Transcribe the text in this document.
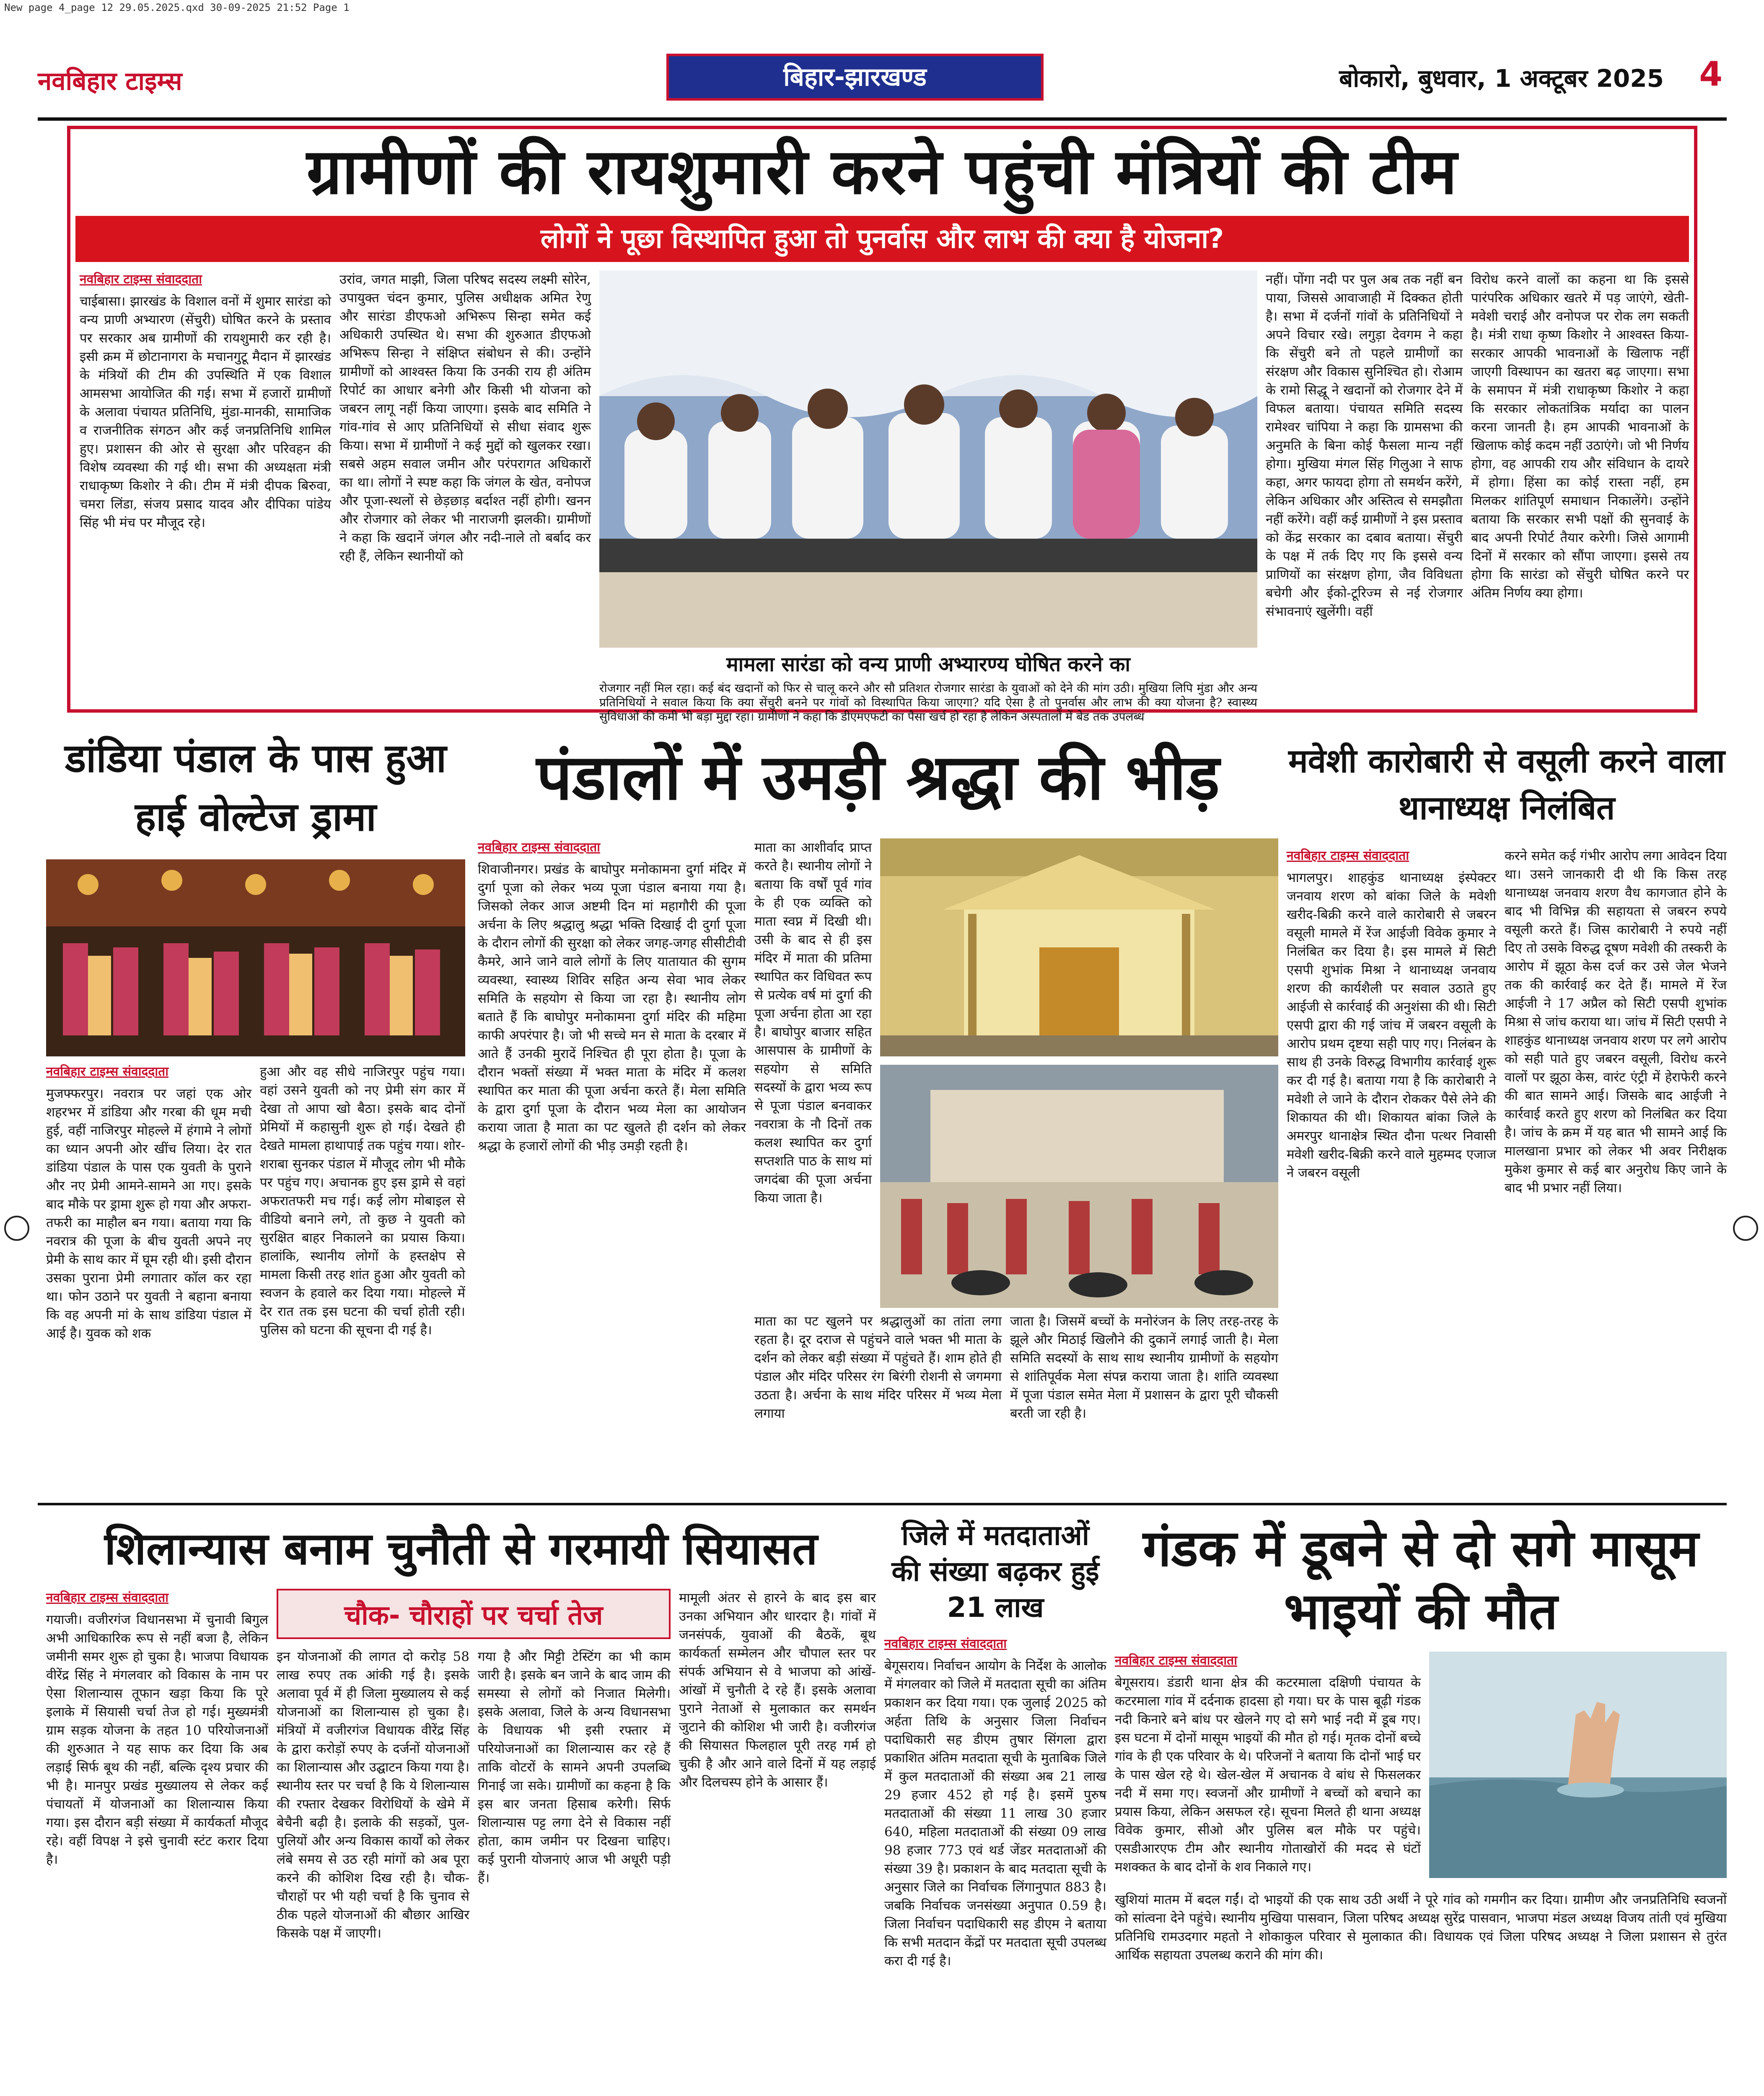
New page 4_page 12 29.05.2025.qxd 30-09-2025 21:52 Page 1
नवबिहार टाइम्स	बिहार-झारखण्ड	बोकारो, बुधवार, 1 अक्टूबर 2025	4
ग्रामीणों की रायशुमारी करने पहुंची मंत्रियों की टीम
लोगों ने पूछा विस्थापित हुआ तो पुनर्वास और लाभ की क्या है योजना?
नवबिहार टाइम्स संवाददाता

चाईबासा। झारखंड के विशाल वनों में शुमार सारंडा को वन्य प्राणी अभ्यारण (सेंचुरी) घोषित करने के प्रस्ताव पर सरकार अब ग्रामीणों की रायशुमारी कर रही है। इसी क्रम में छोटानागरा के मचानगुटू मैदान में झारखंड के मंत्रियों की टीम की उपस्थिति में एक विशाल आमसभा आयोजित की गई। सभा में हजारों ग्रामीणों के अलावा पंचायत प्रतिनिधि, मुंडा-मानकी, सामाजिक व राजनीतिक संगठन और कई जनप्रतिनिधि शामिल हुए। प्रशासन की ओर से सुरक्षा और परिवहन की विशेष व्यवस्था की गई थी। सभा की अध्यक्षता मंत्री राधाकृष्ण किशोर ने की। टीम में मंत्री दीपक बिरुवा, चमरा लिंडा, संजय प्रसाद यादव और दीपिका पांडेय सिंह भी मंच पर मौजूद रहे।

उरांव, जगत माझी, जिला परिषद सदस्य लक्ष्मी सोरेन, उपायुक्त चंदन कुमार, पुलिस अधीक्षक अमित रेणु और सारंडा डीएफओ अभिरूप सिन्हा समेत कई अधिकारी उपस्थित थे। सभा की शुरुआत डीएफओ अभिरूप सिन्हा ने संक्षिप्त संबोधन से की। उन्होंने ग्रामीणों को आश्वस्त किया कि उनकी राय ही अंतिम रिपोर्ट का आधार बनेगी और किसी भी योजना को जबरन लागू नहीं किया जाएगा। इसके बाद समिति ने गांव-गांव से आए प्रतिनिधियों से सीधा संवाद शुरू किया। सभा में ग्रामीणों ने कई मुद्दों को खुलकर रखा। सबसे अहम सवाल जमीन और परंपरागत अधिकारों का था। लोगों ने स्पष्ट कहा कि जंगल के खेत, वनोपज और पूजा-स्थलों से छेड़छाड़ बर्दाश्त नहीं होगी। खनन और रोजगार को लेकर भी नाराजगी झलकी। ग्रामीणों ने कहा कि खदानें जंगल और नदी-नाले तो बर्बाद कर रही हैं, लेकिन स्थानीयों को

मामला सारंडा को वन्य प्राणी अभ्यारण्य घोषित करने का

रोजगार नहीं मिल रहा। कई बंद खदानों को फिर से चालू करने और सौ प्रतिशत रोजगार सारंडा के युवाओं को देने की मांग उठी। मुखिया लिपि मुंडा और अन्य प्रतिनिधियों ने सवाल किया कि क्या सेंचुरी बनने पर गांवों को विस्थापित किया जाएगा? यदि ऐसा है तो पुनर्वास और लाभ की क्या योजना है? स्वास्थ्य सुविधाओं की कमी भी बड़ा मुद्दा रहा। ग्रामीणों ने कहा कि डीएमएफटी का पैसा खर्च हो रहा है लेकिन अस्पतालों में बेड तक उपलब्ध

नहीं। पोंगा नदी पर पुल अब तक नहीं बन पाया, जिससे आवाजाही में दिक्कत होती है। सभा में दर्जनों गांवों के प्रतिनिधियों ने अपने विचार रखे। लगुड़ा देवगम ने कहा कि सेंचुरी बने तो पहले ग्रामीणों का संरक्षण और विकास सुनिश्चित हो। रोआम के रामो सिद्धू ने खदानों को रोजगार देने में विफल बताया। पंचायत समिति सदस्य रामेश्वर चांपिया ने कहा कि ग्रामसभा की अनुमति के बिना कोई फैसला मान्य नहीं होगा। मुखिया मंगल सिंह गिलुआ ने साफ कहा, अगर फायदा होगा तो समर्थन करेंगे, लेकिन अधिकार और अस्तित्व से समझौता नहीं करेंगे। वहीं कई ग्रामीणों ने इस प्रस्ताव को केंद्र सरकार का दबाव बताया। सेंचुरी के पक्ष में तर्क दिए गए कि इससे वन्य प्राणियों का संरक्षण होगा, जैव विविधता बचेगी और ईको-टूरिज्म से नई रोजगार संभावनाएं खुलेंगी। वहीं

विरोध करने वालों का कहना था कि इससे पारंपरिक अधिकार खतरे में पड़ जाएंगे, खेती-मवेशी चराई और वनोपज पर रोक लग सकती है। मंत्री राधा कृष्ण किशोर ने आश्वस्त किया- सरकार आपकी भावनाओं के खिलाफ नहीं जाएगी विस्थापन का खतरा बढ़ जाएगा। सभा के समापन में मंत्री राधाकृष्ण किशोर ने कहा कि सरकार लोकतांत्रिक मर्यादा का पालन करना जानती है। हम आपकी भावनाओं के खिलाफ कोई कदम नहीं उठाएंगे। जो भी निर्णय होगा, वह आपकी राय और संविधान के दायरे में होगा। हिंसा का कोई रास्ता नहीं, हम मिलकर शांतिपूर्ण समाधान निकालेंगे। उन्होंने बताया कि सरकार सभी पक्षों की सुनवाई के बाद अपनी रिपोर्ट तैयार करेगी। जिसे आगामी दिनों में सरकार को सौंपा जाएगा। इससे तय होगा कि सारंडा को सेंचुरी घोषित करने पर अंतिम निर्णय क्या होगा।

डांडिया पंडाल के पास हुआ हाई वोल्टेज ड्रामा
नवबिहार टाइम्स संवाददाता

मुजफ्फरपुर। नवरात्र पर जहां एक ओर शहरभर में डांडिया और गरबा की धूम मची हुई, वहीं नाजिरपुर मोहल्ले में हंगामे ने लोगों का ध्यान अपनी ओर खींच लिया। देर रात डांडिया पंडाल के पास एक युवती के पुराने और नए प्रेमी आमने-सामने आ गए। इसके बाद मौके पर ड्रामा शुरू हो गया और अफरा-तफरी का माहौल बन गया। बताया गया कि नवरात्र की पूजा के बीच युवती अपने नए प्रेमी के साथ कार में घूम रही थी। इसी दौरान उसका पुराना प्रेमी लगातार कॉल कर रहा था। फोन उठाने पर युवती ने बहाना बनाया कि वह अपनी मां के साथ डांडिया पंडाल में आई है। युवक को शक

हुआ और वह सीधे नाजिरपुर पहुंच गया। वहां उसने युवती को नए प्रेमी संग कार में देखा तो आपा खो बैठा। इसके बाद दोनों प्रेमियों में कहासुनी शुरू हो गई। देखते ही देखते मामला हाथापाई तक पहुंच गया। शोर-शराबा सुनकर पंडाल में मौजूद लोग भी मौके पर पहुंच गए। अचानक हुए इस ड्रामे से वहां अफरातफरी मच गई। कई लोग मोबाइल से वीडियो बनाने लगे, तो कुछ ने युवती को सुरक्षित बाहर निकालने का प्रयास किया। हालांकि, स्थानीय लोगों के हस्तक्षेप से मामला किसी तरह शांत हुआ और युवती को स्वजन के हवाले कर दिया गया। मोहल्ले में देर रात तक इस घटना की चर्चा होती रही। पुलिस को घटना की सूचना दी गई है।

पंडालों में उमड़ी श्रद्धा की भीड़
नवबिहार टाइम्स संवाददाता

शिवाजीनगर। प्रखंड के बाघोपुर मनोकामना दुर्गा मंदिर में दुर्गा पूजा को लेकर भव्य पूजा पंडाल बनाया गया है। जिसको लेकर आज अष्टमी दिन मां महागौरी की पूजा अर्चना के लिए श्रद्धालु श्रद्धा भक्ति दिखाई दी दुर्गा पूजा के दौरान लोगों की सुरक्षा को लेकर जगह-जगह सीसीटीवी कैमरे, आने जाने वाले लोगों के लिए यातायात की सुगम व्यवस्था, स्वास्थ्य शिविर सहित अन्य सेवा भाव लेकर समिति के सहयोग से किया जा रहा है। स्थानीय लोग बताते हैं कि बाघोपुर मनोकामना दुर्गा मंदिर की महिमा काफी अपरंपार है। जो भी सच्चे मन से माता के दरबार में आते हैं उनकी मुरादें निश्चित ही पूरा होता है। पूजा के दौरान भक्तों संख्या में भक्त माता के मंदिर में कलश स्थापित कर माता की पूजा अर्चना करते हैं। मेला समिति के द्वारा दुर्गा पूजा के दौरान भव्य मेला का आयोजन कराया जाता है माता का पट खुलते ही दर्शन को लेकर श्रद्धा के हजारों लोगों की भीड़ उमड़ी रहती है।

माता का आशीर्वाद प्राप्त करते है। स्थानीय लोगों ने बताया कि वर्षों पूर्व गांव के ही एक व्यक्ति को माता स्वप्न में दिखी थी। उसी के बाद से ही इस मंदिर में माता की प्रतिमा स्थापित कर विधिवत रूप से प्रत्येक वर्ष मां दुर्गा की पूजा अर्चना होता आ रहा है। बाघोपुर बाजार सहित आसपास के ग्रामीणों के सहयोग से समिति सदस्यों के द्वारा भव्य रूप से पूजा पंडाल बनवाकर नवरात्रा के नौ दिनों तक कलश स्थापित कर दुर्गा सप्तशति पाठ के साथ मां जगदंबा की पूजा अर्चना किया जाता है।

माता का पट खुलने पर श्रद्धालुओं का तांता लगा रहता है। दूर दराज से पहुंचने वाले भक्त भी माता के दर्शन को लेकर बड़ी संख्या में पहुंचते हैं। शाम होते ही पंडाल और मंदिर परिसर रंग बिरंगी रोशनी से जगमगा उठता है। अर्चना के साथ मंदिर परिसर में भव्य मेला लगाया

जाता है। जिसमें बच्चों के मनोरंजन के लिए तरह-तरह के झूले और मिठाई खिलौने की दुकानें लगाई जाती है। मेला समिति सदस्यों के साथ साथ स्थानीय ग्रामीणों के सहयोग से शांतिपूर्वक मेला संपन्न कराया जाता है। शांति व्यवस्था में पूजा पंडाल समेत मेला में प्रशासन के द्वारा पूरी चौकसी बरती जा रही है।

मवेशी कारोबारी से वसूली करने वाला थानाध्यक्ष निलंबित
नवबिहार टाइम्स संवाददाता

भागलपुर। शाहकुंड थानाध्यक्ष इंस्पेक्टर जनवाय शरण को बांका जिले के मवेशी खरीद-बिक्री करने वाले कारोबारी से जबरन वसूली मामले में रेंज आईजी विवेक कुमार ने निलंबित कर दिया है। इस मामले में सिटी एसपी शुभांक मिश्रा ने थानाध्यक्ष जनवाय शरण की कार्यशैली पर सवाल उठाते हुए आईजी से कार्रवाई की अनुशंसा की थी। सिटी एसपी द्वारा की गई जांच में जबरन वसूली के आरोप प्रथम दृष्टया सही पाए गए। निलंबन के साथ ही उनके विरुद्ध विभागीय कार्रवाई शुरू कर दी गई है। बताया गया है कि कारोबारी ने मवेशी ले जाने के दौरान रोककर पैसे लेने की शिकायत की थी। शिकायत बांका जिले के अमरपुर थानाक्षेत्र स्थित दौना पत्थर निवासी मवेशी खरीद-बिक्री करने वाले मुहम्मद एजाज ने जबरन वसूली

करने समेत कई गंभीर आरोप लगा आवेदन दिया था। उसने जानकारी दी थी कि किस तरह थानाध्यक्ष जनवाय शरण वैध कागजात होने के बाद भी विभिन्न की सहायता से जबरन रुपये वसूली करते हैं। जिस कारोबारी ने रुपये नहीं दिए तो उसके विरुद्ध दूषण मवेशी की तस्करी के आरोप में झूठा केस दर्ज कर उसे जेल भेजने तक की कार्रवाई कर देते हैं। मामले में रेंज आईजी ने 17 अप्रैल को सिटी एसपी शुभांक मिश्रा से जांच कराया था। जांच में सिटी एसपी ने शाहकुंड थानाध्यक्ष जनवाय शरण पर लगे आरोप को सही पाते हुए जबरन वसूली, विरोध करने वालों पर झूठा केस, वारंट एंट्री में हेराफेरी करने की बात सामने आई। जिसके बाद आईजी ने कार्रवाई करते हुए शरण को निलंबित कर दिया है। जांच के क्रम में यह बात भी सामने आई कि मालखाना प्रभार को लेकर भी अवर निरीक्षक मुकेश कुमार से कई बार अनुरोध किए जाने के बाद भी प्रभार नहीं लिया।

शिलान्यास बनाम चुनौती से गरमायी सियासत
नवबिहार टाइम्स संवाददाता

गयाजी। वजीरगंज विधानसभा में चुनावी बिगुल अभी आधिकारिक रूप से नहीं बजा है, लेकिन जमीनी समर शुरू हो चुका है। भाजपा विधायक वीरेंद्र सिंह ने मंगलवार को विकास के नाम पर ऐसा शिलान्यास तूफान खड़ा किया कि पूरे इलाके में सियासी चर्चा तेज हो गई। मुख्यमंत्री ग्राम सड़क योजना के तहत 10 परियोजनाओं की शुरुआत ने यह साफ कर दिया कि अब लड़ाई सिर्फ बूथ की नहीं, बल्कि दृश्य प्रचार की भी है। मानपुर प्रखंड मुख्यालय से लेकर कई पंचायतों में योजनाओं का शिलान्यास किया गया। इस दौरान बड़ी संख्या में कार्यकर्ता मौजूद रहे। वहीं विपक्ष ने इसे चुनावी स्टंट करार दिया है।

चौक- चौराहों पर चर्चा तेज

इन योजनाओं की लागत दो करोड़ 58 लाख रुपए तक आंकी गई है। इसके अलावा पूर्व में ही जिला मुख्यालय से कई योजनाओं का शिलान्यास हो चुका है। मंत्रियों में वजीरगंज विधायक वीरेंद्र सिंह के द्वारा करोड़ों रुपए के दर्जनों योजनाओं का शिलान्यास और उद्घाटन किया गया है। स्थानीय स्तर पर चर्चा है कि ये शिलान्यास की रफ्तार देखकर विरोधियों के खेमे में बेचैनी बढ़ी है। इलाके की सड़कों, पुल-पुलियों और अन्य विकास कार्यों को लेकर लंबे समय से उठ रही मांगों को अब पूरा करने की कोशिश दिख रही है। चौक-चौराहों पर भी यही चर्चा है कि चुनाव से ठीक पहले योजनाओं की बौछार आखिर किसके पक्ष में जाएगी।

गया है और मिट्टी टेस्टिंग का भी काम जारी है। इसके बन जाने के बाद जाम की समस्या से लोगों को निजात मिलेगी। इसके अलावा, जिले के अन्य विधानसभा के विधायक भी इसी रफ्तार में परियोजनाओं का शिलान्यास कर रहे हैं ताकि वोटरों के सामने अपनी उपलब्धि गिनाई जा सके। ग्रामीणों का कहना है कि इस बार जनता हिसाब करेगी। सिर्फ शिलान्यास पट्ट लगा देने से विकास नहीं होता, काम जमीन पर दिखना चाहिए। कई पुरानी योजनाएं आज भी अधूरी पड़ी हैं।

मामूली अंतर से हारने के बाद इस बार उनका अभियान और धारदार है। गांवों में जनसंपर्क, युवाओं की बैठकें, बूथ कार्यकर्ता सम्मेलन और चौपाल स्तर पर संपर्क अभियान से वे भाजपा को आंखें-आंखों में चुनौती दे रहे हैं। इसके अलावा पुराने नेताओं से मुलाकात कर समर्थन जुटाने की कोशिश भी जारी है। वजीरगंज की सियासत फिलहाल पूरी तरह गर्म हो चुकी है और आने वाले दिनों में यह लड़ाई और दिलचस्प होने के आसार हैं।

जिले में मतदाताओं की संख्या बढ़कर हुई 21 लाख
नवबिहार टाइम्स संवाददाता

बेगूसराय। निर्वाचन आयोग के निर्देश के आलोक में मंगलवार को जिले में मतदाता सूची का अंतिम प्रकाशन कर दिया गया। एक जुलाई 2025 को अर्हता तिथि के अनुसार जिला निर्वाचन पदाधिकारी सह डीएम तुषार सिंगला द्वारा प्रकाशित अंतिम मतदाता सूची के मुताबिक जिले में कुल मतदाताओं की संख्या अब 21 लाख 29 हजार 452 हो गई है। इसमें पुरुष मतदाताओं की संख्या 11 लाख 30 हजार 640, महिला मतदाताओं की संख्या 09 लाख 98 हजार 773 एवं थर्ड जेंडर मतदाताओं की संख्या 39 है। प्रकाशन के बाद मतदाता सूची के अनुसार जिले का निर्वाचक लिंगानुपात 883 है। जबकि निर्वाचक जनसंख्या अनुपात 0.59 है। जिला निर्वाचन पदाधिकारी सह डीएम ने बताया कि सभी मतदान केंद्रों पर मतदाता सूची उपलब्ध करा दी गई है।

गंडक में डूबने से दो सगे मासूम भाइयों की मौत
नवबिहार टाइम्स संवाददाता

बेगूसराय। डंडारी थाना क्षेत्र की कटरमाला दक्षिणी पंचायत के कटरमाला गांव में दर्दनाक हादसा हो गया। घर के पास बूढ़ी गंडक नदी किनारे बने बांध पर खेलने गए दो सगे भाई नदी में डूब गए। इस घटना में दोनों मासूम भाइयों की मौत हो गई। मृतक दोनों बच्चे गांव के ही एक परिवार के थे। परिजनों ने बताया कि दोनों भाई घर के पास खेल रहे थे। खेल-खेल में अचानक वे बांध से फिसलकर नदी में समा गए। स्वजनों और ग्रामीणों ने बच्चों को बचाने का प्रयास किया, लेकिन असफल रहे। सूचना मिलते ही थाना अध्यक्ष विवेक कुमार, सीओ और पुलिस बल मौके पर पहुंचे। एसडीआरएफ टीम और स्थानीय गोताखोरों की मदद से घंटों मशक्कत के बाद दोनों के शव निकाले गए।

खुशियां मातम में बदल गईं। दो भाइयों की एक साथ उठी अर्थी ने पूरे गांव को गमगीन कर दिया। ग्रामीण और जनप्रतिनिधि स्वजनों को सांत्वना देने पहुंचे। स्थानीय मुखिया पासवान, जिला परिषद अध्यक्ष सुरेंद्र पासवान, भाजपा मंडल अध्यक्ष विजय तांती एवं मुखिया प्रतिनिधि रामउदगार महतो ने शोकाकुल परिवार से मुलाकात की। विधायक एवं जिला परिषद अध्यक्ष ने जिला प्रशासन से तुरंत आर्थिक सहायता उपलब्ध कराने की मांग की।
